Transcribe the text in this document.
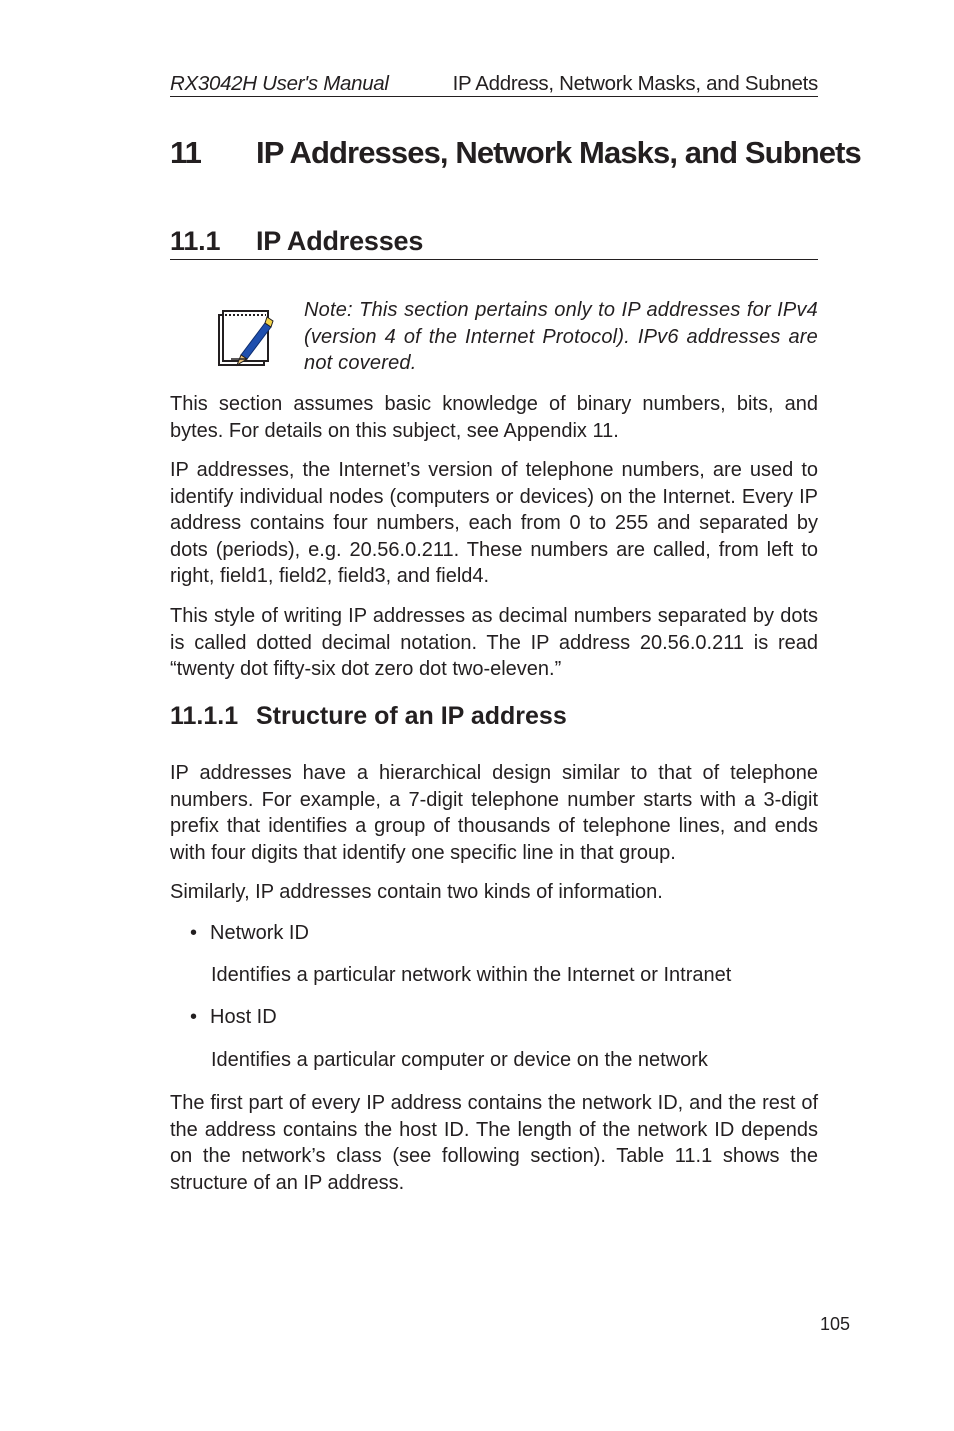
RX3042H User's Manual	IP Address, Network Masks, and Subnets
11 IP Addresses, Network Masks, and Subnets
11.1 IP Addresses
Note: This section pertains only to IP addresses for IPv4 (version 4 of the Internet Protocol). IPv6 addresses are not covered.

This section assumes basic knowledge of binary numbers, bits, and bytes. For details on this subject, see Appendix 11.

IP addresses, the Internet’s version of telephone numbers, are used to identify individual nodes (computers or devices) on the Internet. Every IP address contains four numbers, each from 0 to 255 and separated by dots (periods), e.g. 20.56.0.211. These numbers are called, from left to right, field1, field2, field3, and field4.

This style of writing IP addresses as decimal numbers separated by dots is called dotted decimal notation. The IP address 20.56.0.211 is read “twenty dot fifty-six dot zero dot two-eleven.”

11.1.1 Structure of an IP address

IP addresses have a hierarchical design similar to that of telephone numbers. For example, a 7-digit telephone number starts with a 3-digit prefix that identifies a group of thousands of telephone lines, and ends with four digits that identify one specific line in that group.

Similarly, IP addresses contain two kinds of information.

• Network ID
Identifies a particular network within the Internet or Intranet
• Host ID
Identifies a particular computer or device on the network

The first part of every IP address contains the network ID, and the rest of the address contains the host ID. The length of the network ID depends on the network’s class (see following section). Table 11.1 shows the structure of an IP address.

105
